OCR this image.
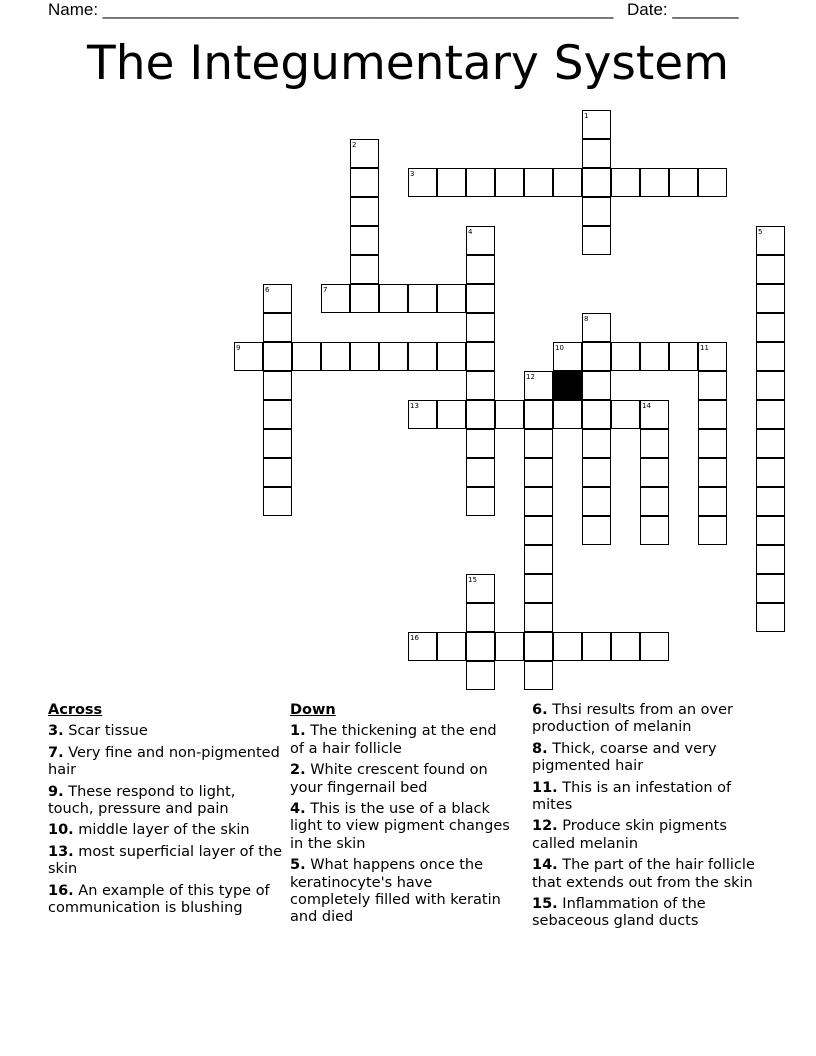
Name: ______________________________________________________ Date: _______
The Integumentary System
1
2
3
4	5
6	7
8
9	10	11
12
13	14
15
16
Across
3. Scar tissue
7. Very fine and non-pigmented hair
9. These respond to light, touch, pressure and pain
10. middle layer of the skin
13. most superficial layer of the skin
16. An example of this type of communication is blushing
Down
1. The thickening at the end of a hair follicle
2. White crescent found on your fingernail bed
4. This is the use of a black light to view pigment changes in the skin
5. What happens once the keratinocyte's have completely filled with keratin and died
6. Thsi results from an over production of melanin
8. Thick, coarse and very pigmented hair
11. This is an infestation of mites
12. Produce skin pigments called melanin
14. The part of the hair follicle that extends out from the skin
15. Inflammation of the sebaceous gland ducts
